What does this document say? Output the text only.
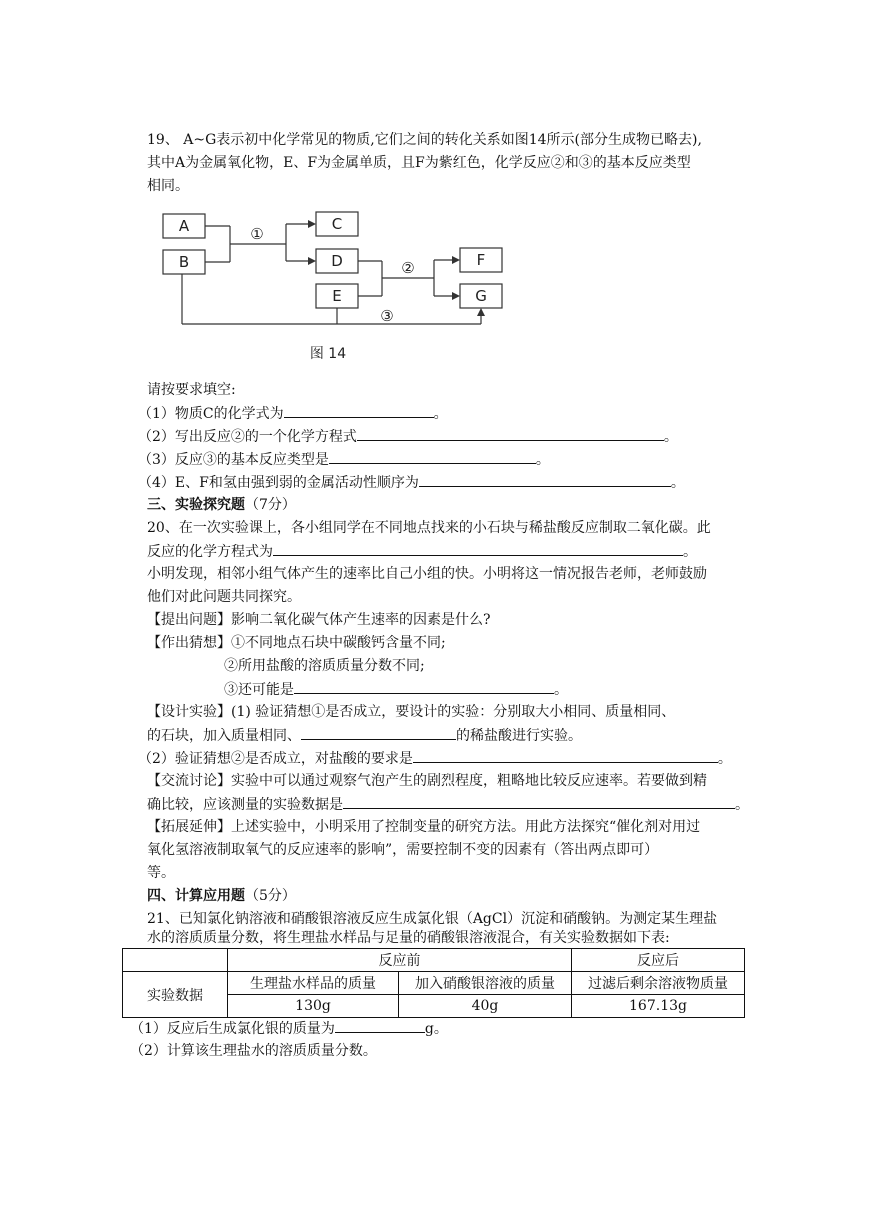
19、 A~G表示初中化学常见的物质,它们之间的转化关系如图14所示(部分生成物已略去),
其中A为金属氧化物，E、F为金属单质，且F为紫红色，化学反应②和③的基本反应类型
相同。
A
B
C
D
E
F
G
①
②
③
图 14
请按要求填空:
（1）物质C的化学式为	。
（2）写出反应②的一个化学方程式	。
（3）反应③的基本反应类型是	。
（4）E、F和氢由强到弱的金属活动性顺序为	。
三、实验探究题（7分）
20、在一次实验课上，各小组同学在不同地点找来的小石块与稀盐酸反应制取二氧化碳。此
反应的化学方程式为	。
小明发现，相邻小组气体产生的速率比自己小组的快。小明将这一情况报告老师，老师鼓励
他们对此问题共同探究。
【提出问题】影响二氧化碳气体产生速率的因素是什么?
【作出猜想】①不同地点石块中碳酸钙含量不同;
②所用盐酸的溶质质量分数不同;
③还可能是	。
【设计实验】(1) 验证猜想①是否成立，要设计的实验：分别取大小相同、质量相同、
的石块，加入质量相同、	的稀盐酸进行实验。
（2）验证猜想②是否成立，对盐酸的要求是	。
【交流讨论】实验中可以通过观察气泡产生的剧烈程度，粗略地比较反应速率。若要做到精
确比较，应该测量的实验数据是	。
【拓展延伸】上述实验中，小明采用了控制变量的研究方法。用此方法探究“催化剂对用过
氧化氢溶液制取氧气的反应速率的影响”，需要控制不变的因素有（答出两点即可）
等。
四、计算应用题（5分）
21、已知氯化钠溶液和硝酸银溶液反应生成氯化银（AgCl）沉淀和硝酸钠。为测定某生理盐
水的溶质质量分数，将生理盐水样品与足量的硝酸银溶液混合，有关实验数据如下表:
	反应前		反应后
实验数据	生理盐水样品的质量	加入硝酸银溶液的质量	过滤后剩余溶液物质量
	130g	40g	167.13g
（1）反应后生成氯化银的质量为	g。
（2）计算该生理盐水的溶质质量分数。
